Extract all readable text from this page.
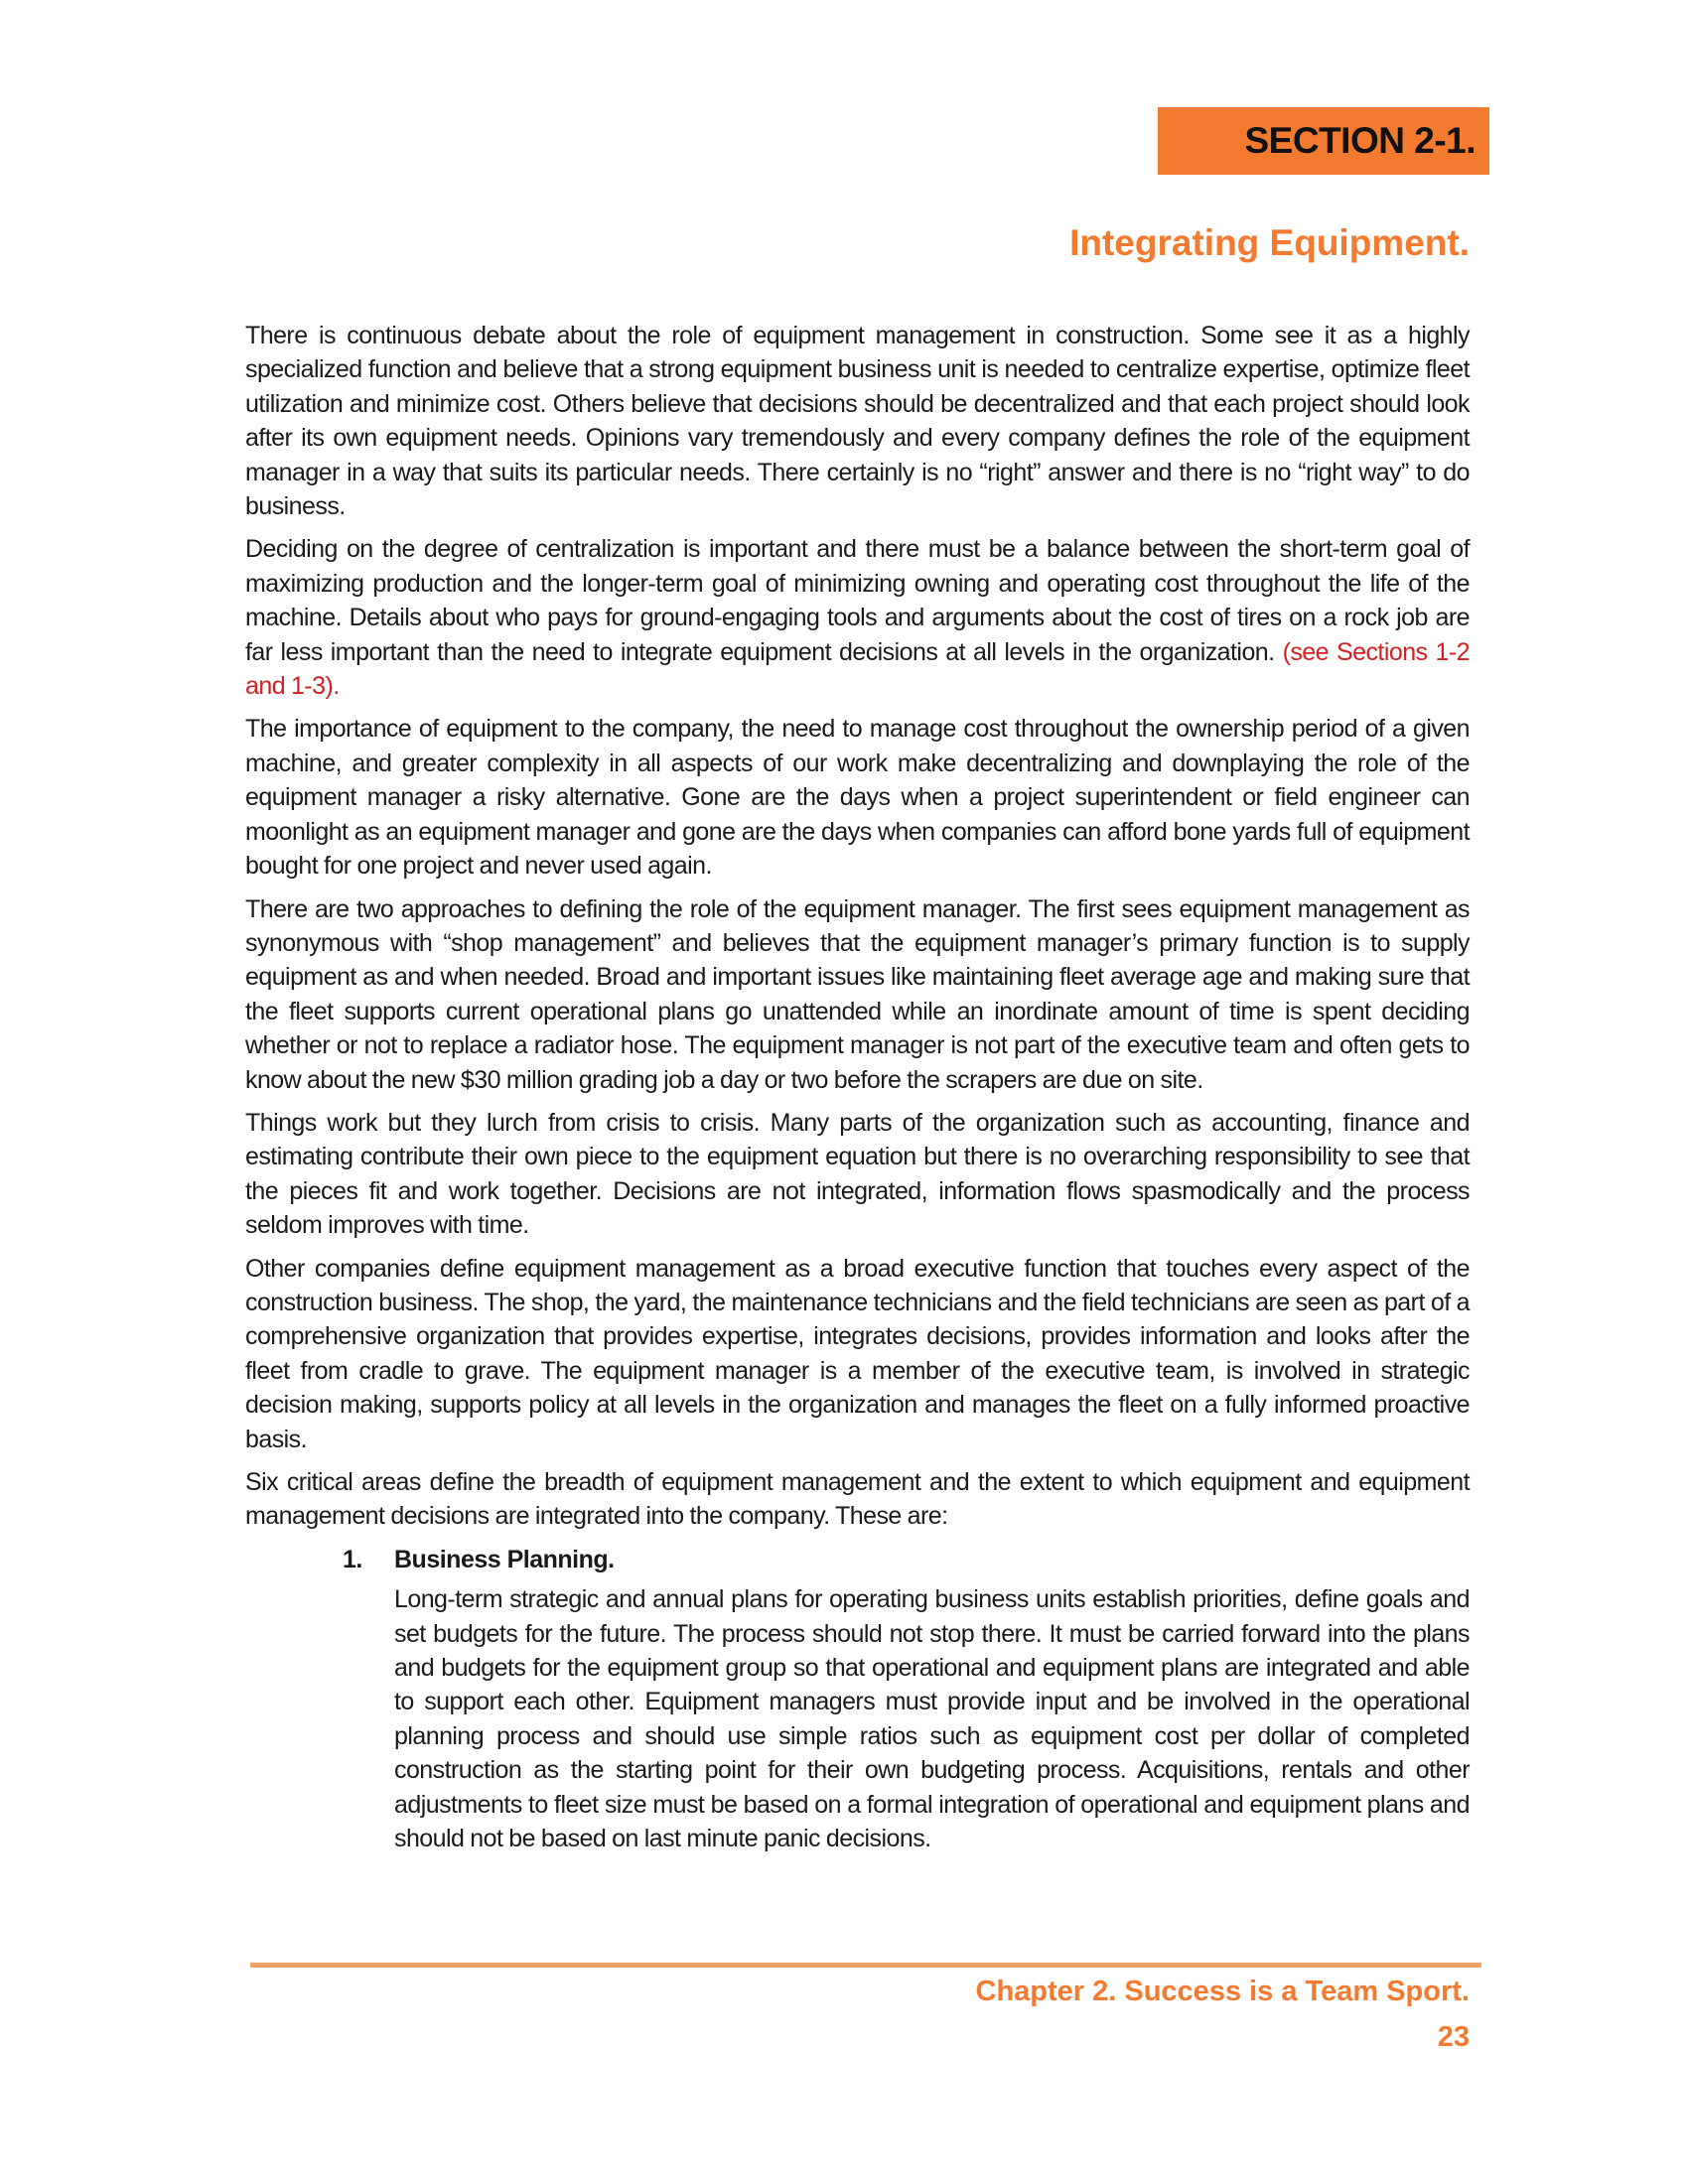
SECTION 2-1.
Integrating Equipment.

There is continuous debate about the role of equipment management in construction. Some see it as a highly specialized function and believe that a strong equipment business unit is needed to centralize expertise, optimize fleet utilization and minimize cost. Others believe that decisions should be decentralized and that each project should look after its own equipment needs. Opinions vary tremendously and every company defines the role of the equipment manager in a way that suits its particular needs. There certainly is no “right” answer and there is no “right way” to do business.

Deciding on the degree of centralization is important and there must be a balance between the short-term goal of maximizing production and the longer-term goal of minimizing owning and operating cost throughout the life of the machine. Details about who pays for ground-engaging tools and arguments about the cost of tires on a rock job are far less important than the need to integrate equipment decisions at all levels in the organization. (see Sections 1-2 and 1-3).

The importance of equipment to the company, the need to manage cost throughout the ownership period of a given machine, and greater complexity in all aspects of our work make decentralizing and downplaying the role of the equipment manager a risky alternative. Gone are the days when a project superintendent or field engineer can moonlight as an equipment manager and gone are the days when companies can afford bone yards full of equipment bought for one project and never used again.

There are two approaches to defining the role of the equipment manager. The first sees equipment management as synonymous with “shop management” and believes that the equipment manager’s primary function is to supply equipment as and when needed. Broad and important issues like maintaining fleet average age and making sure that the fleet supports current operational plans go unattended while an inordinate amount of time is spent deciding whether or not to replace a radiator hose. The equipment manager is not part of the executive team and often gets to know about the new $30 million grading job a day or two before the scrapers are due on site.

Things work but they lurch from crisis to crisis. Many parts of the organization such as accounting, finance and estimating contribute their own piece to the equipment equation but there is no overarching responsibility to see that the pieces fit and work together. Decisions are not integrated, information flows spasmodically and the process seldom improves with time.

Other companies define equipment management as a broad executive function that touches every aspect of the construction business. The shop, the yard, the maintenance technicians and the field technicians are seen as part of a comprehensive organization that provides expertise, integrates decisions, provides information and looks after the fleet from cradle to grave. The equipment manager is a member of the executive team, is involved in strategic decision making, supports policy at all levels in the organization and manages the fleet on a fully informed proactive basis.

Six critical areas define the breadth of equipment management and the extent to which equipment and equipment management decisions are integrated into the company. These are:

1.	Business Planning.

Long-term strategic and annual plans for operating business units establish priorities, define goals and set budgets for the future. The process should not stop there. It must be carried forward into the plans and budgets for the equipment group so that operational and equipment plans are integrated and able to support each other. Equipment managers must provide input and be involved in the operational planning process and should use simple ratios such as equipment cost per dollar of completed construction as the starting point for their own budgeting process. Acquisitions, rentals and other adjustments to fleet size must be based on a formal integration of operational and equipment plans and should not be based on last minute panic decisions.

Chapter 2. Success is a Team Sport.
23
